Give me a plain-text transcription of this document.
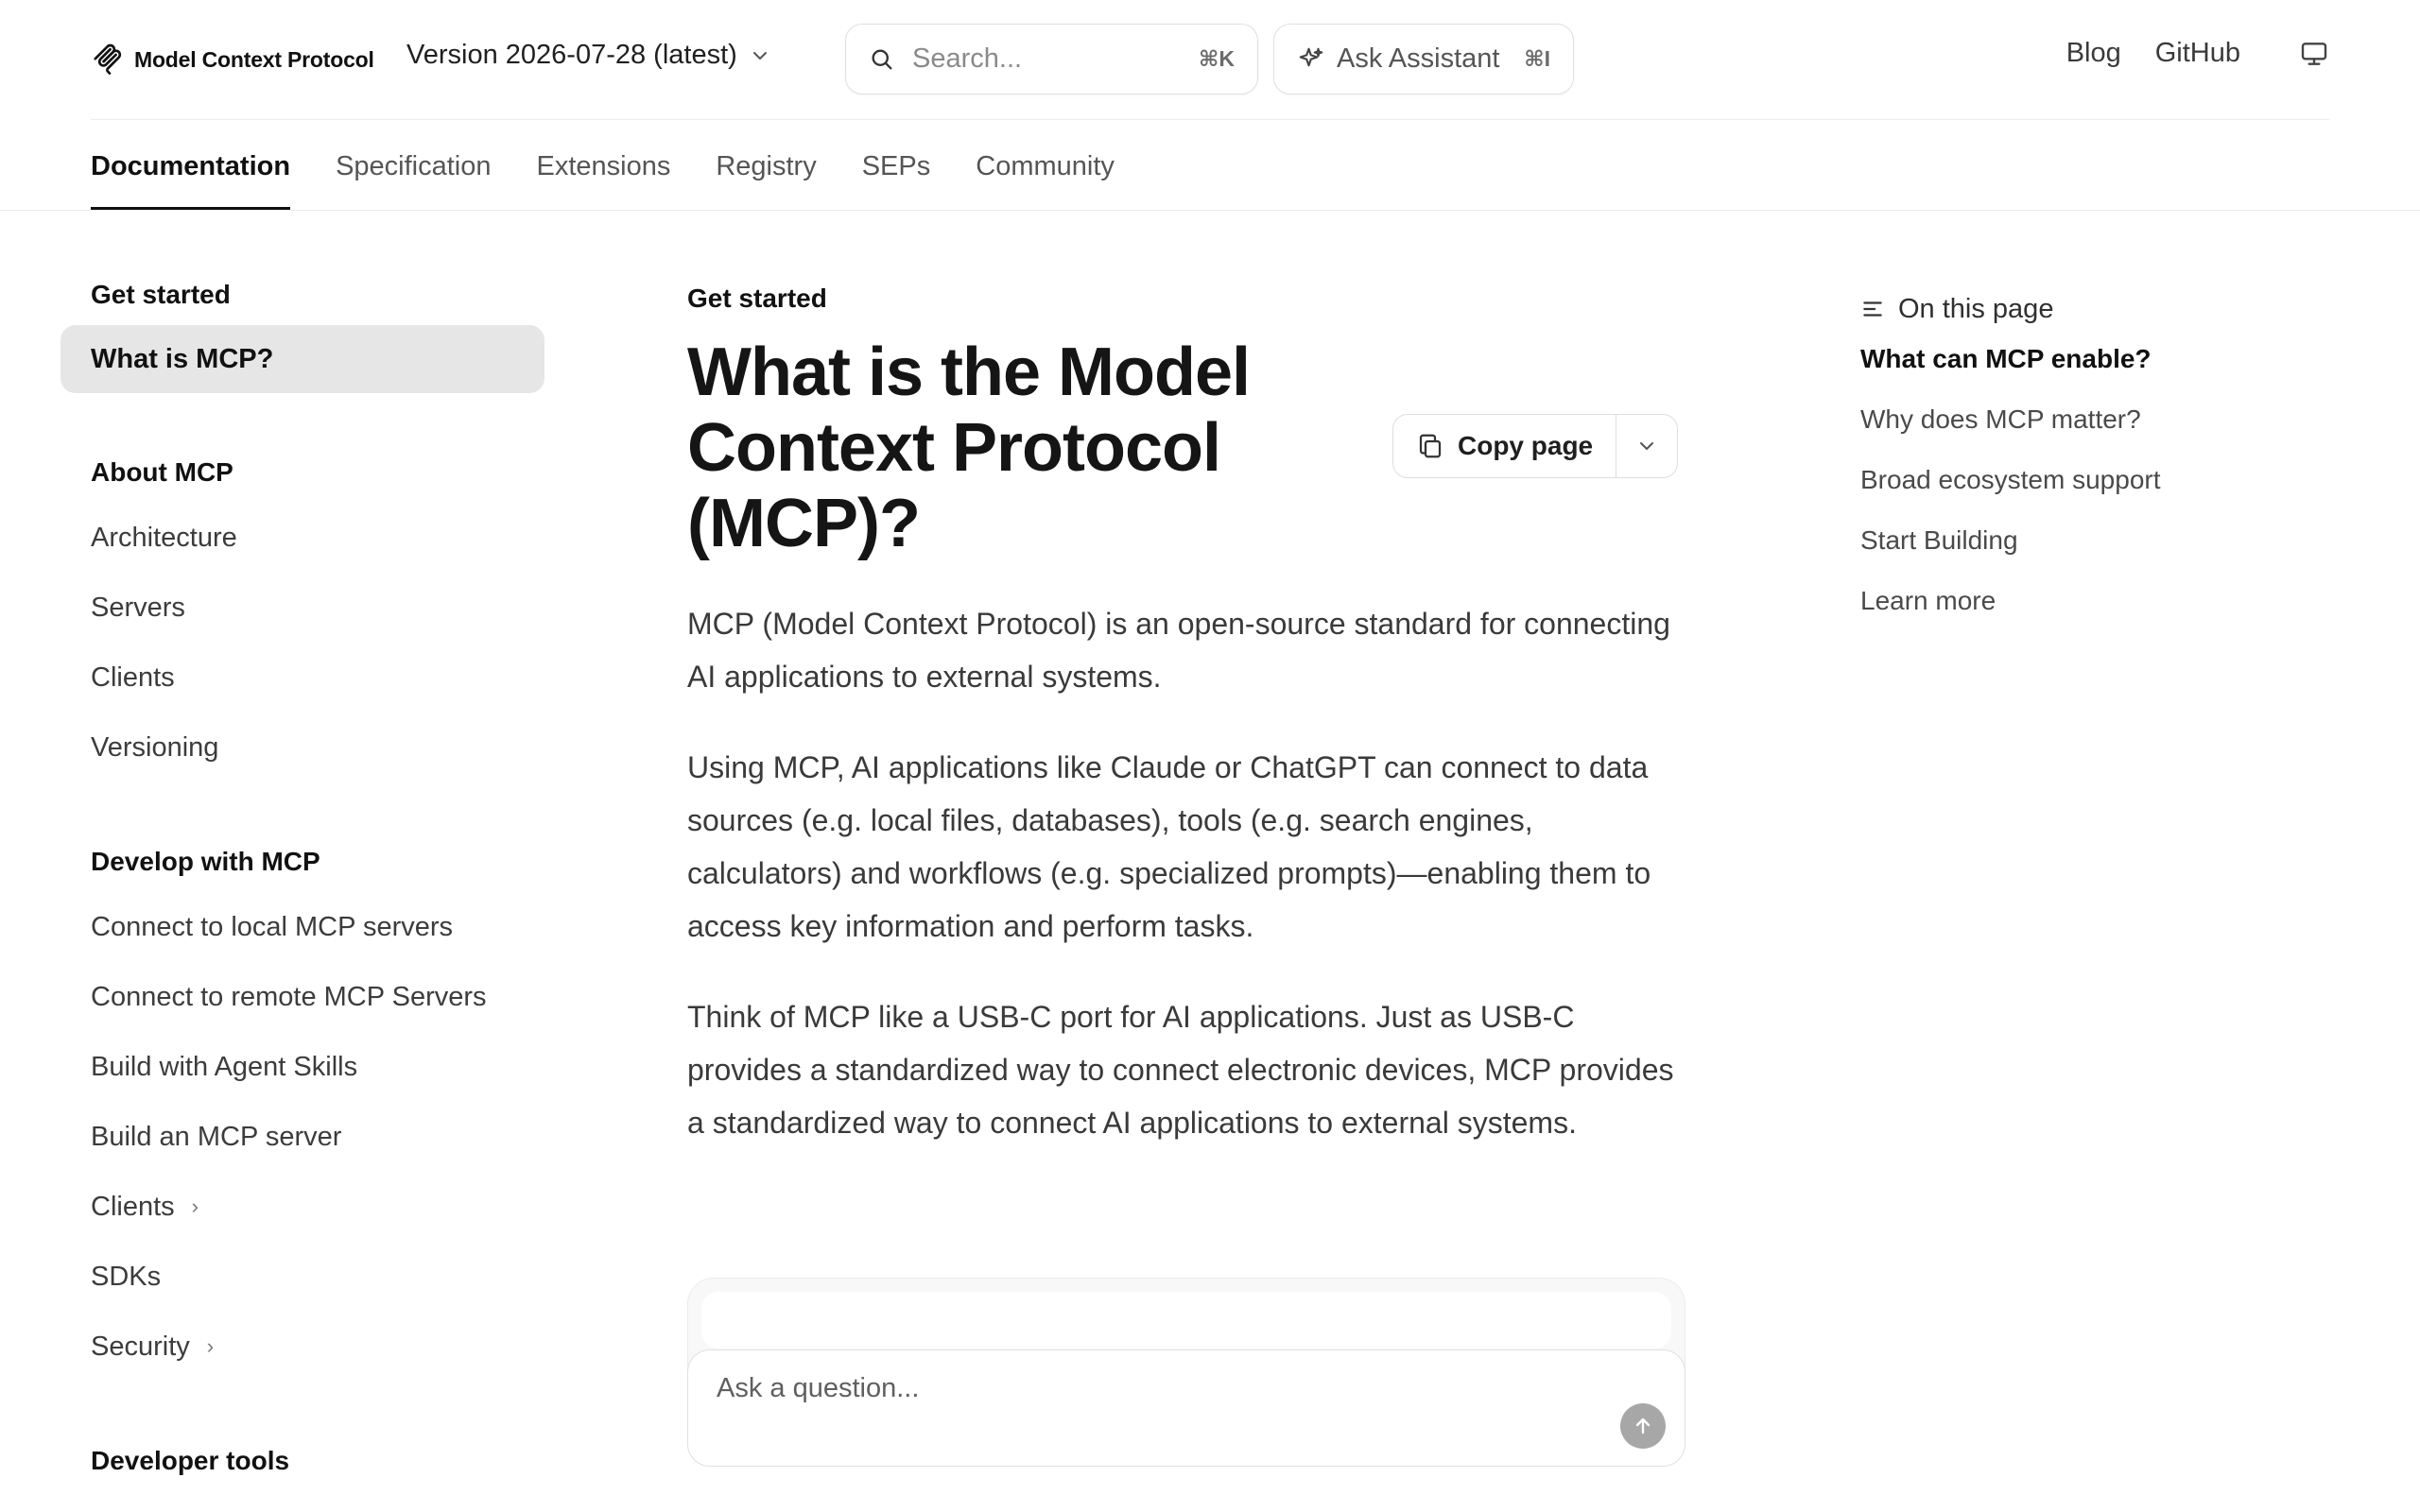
Model Context Protocol Version 2026-07-28 (latest)	Search...	⌘K	Ask Assistant	⌘I	Blog GitHub
Documentation Specification Extensions Registry SEPs Community
Get started
What is MCP?
About MCP
Architecture
Servers
Clients
Versioning
Develop with MCP
Connect to local MCP servers
Connect to remote MCP Servers
Build with Agent Skills
Build an MCP server
Clients ›
SDKs
Security ›
Developer tools
Get started
What is the Model Context Protocol (MCP)?
Copy page

MCP (Model Context Protocol) is an open-source standard for connecting AI applications to external systems.

Using MCP, AI applications like Claude or ChatGPT can connect to data sources (e.g. local files, databases), tools (e.g. search engines, calculators) and workflows (e.g. specialized prompts)—enabling them to access key information and perform tasks.

Think of MCP like a USB-C port for AI applications. Just as USB-C provides a standardized way to connect electronic devices, MCP provides a standardized way to connect AI applications to external systems.

Ask a question...
On this page
What can MCP enable?
Why does MCP matter?
Broad ecosystem support
Start Building
Learn more
